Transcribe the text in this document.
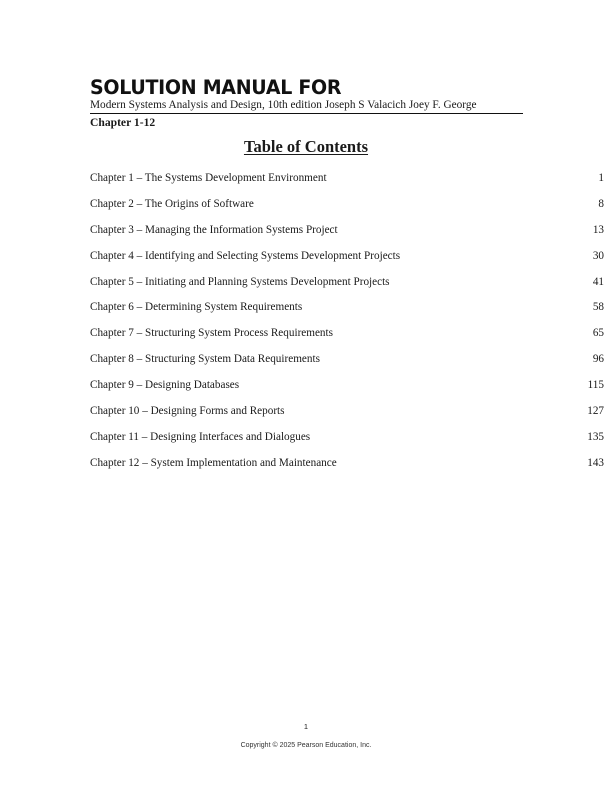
SOLUTION MANUAL FOR
Modern Systems Analysis and Design, 10th edition Joseph S Valacich Joey F. George
Chapter 1-12
Table of Contents
Chapter 1 – The Systems Development Environment	1
Chapter 2 – The Origins of Software	8
Chapter 3 – Managing the Information Systems Project	13
Chapter 4 – Identifying and Selecting Systems Development Projects	30
Chapter 5 – Initiating and Planning Systems Development Projects	41
Chapter 6 – Determining System Requirements	58
Chapter 7 – Structuring System Process Requirements	65
Chapter 8 – Structuring System Data Requirements	96
Chapter 9 – Designing Databases	115
Chapter 10 – Designing Forms and Reports	127
Chapter 11 – Designing Interfaces and Dialogues	135
Chapter 12 – System Implementation and Maintenance	143
1
Copyright © 2025 Pearson Education, Inc.
